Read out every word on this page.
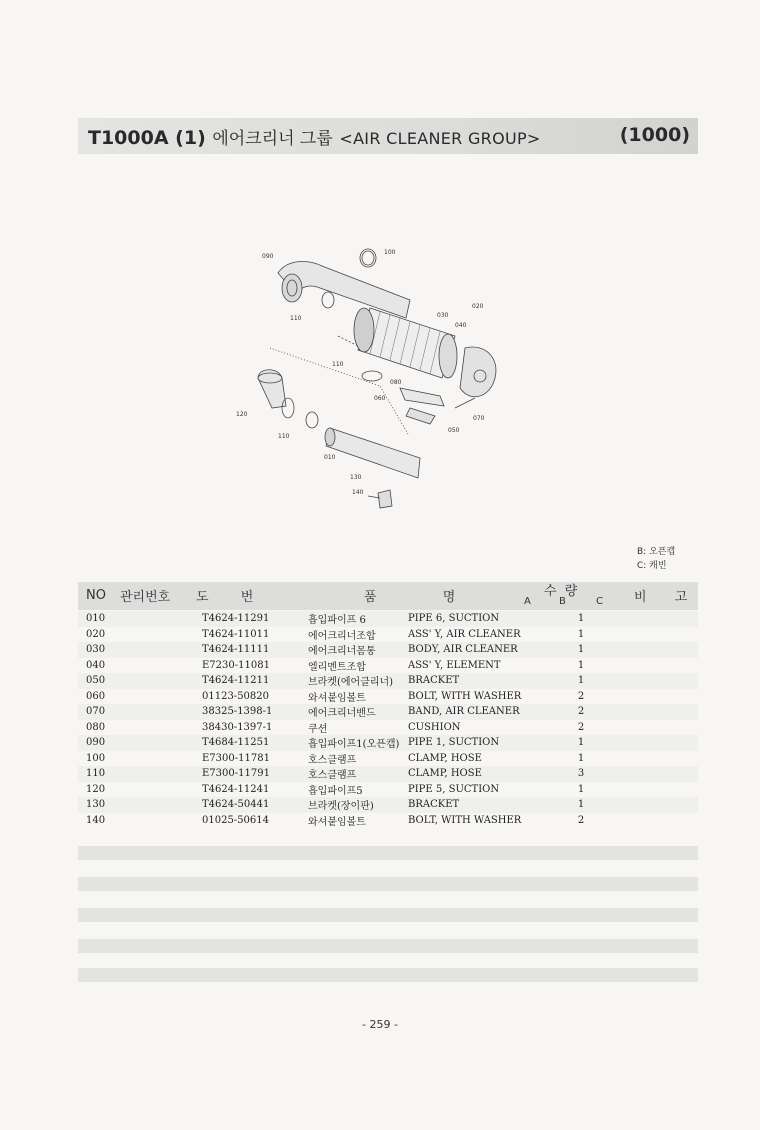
T1000A (1) 에어크리너 그룹 <AIR CLEANER GROUP>	(1000)
090
100
020
030
040
110
110
080
060
070
050
120
110
010
130
140
B: 오픈캡
C: 캐빈
NO 관리번호 도 번	품 명	수 량
A	B	C 비 고
010	T4624-11291	흡입파이프 6	PIPE 6, SUCTION		1		
020	T4624-11011	에어크리너조합	ASS' Y, AIR CLEANER		1		
030	T4624-11111	에어크리너몸통	BODY, AIR CLEANER		1		
040	E7230-11081	엘리멘트조합	ASS' Y, ELEMENT		1		
050	T4624-11211	브라켓(에어클리너)	BRACKET		1		
060	01123-50820	와셔붙임볼트	BOLT, WITH WASHER		2		
070	38325-1398-1	에어크리너밴드	BAND, AIR CLEANER		2		
080	38430-1397-1	쿠션	CUSHION		2		
090	T4684-11251	흡입파이프1(오픈캡)	PIPE 1, SUCTION		1		
100	E7300-11781	호스클램프	CLAMP, HOSE		1		
110	E7300-11791	호스클램프	CLAMP, HOSE		3		
120	T4624-11241	흡입파이프5	PIPE 5, SUCTION		1		
130	T4624-50441	브라켓(장이판)	BRACKET		1		
140	01025-50614	와셔붙임볼트	BOLT, WITH WASHER		2		
- 259 -
